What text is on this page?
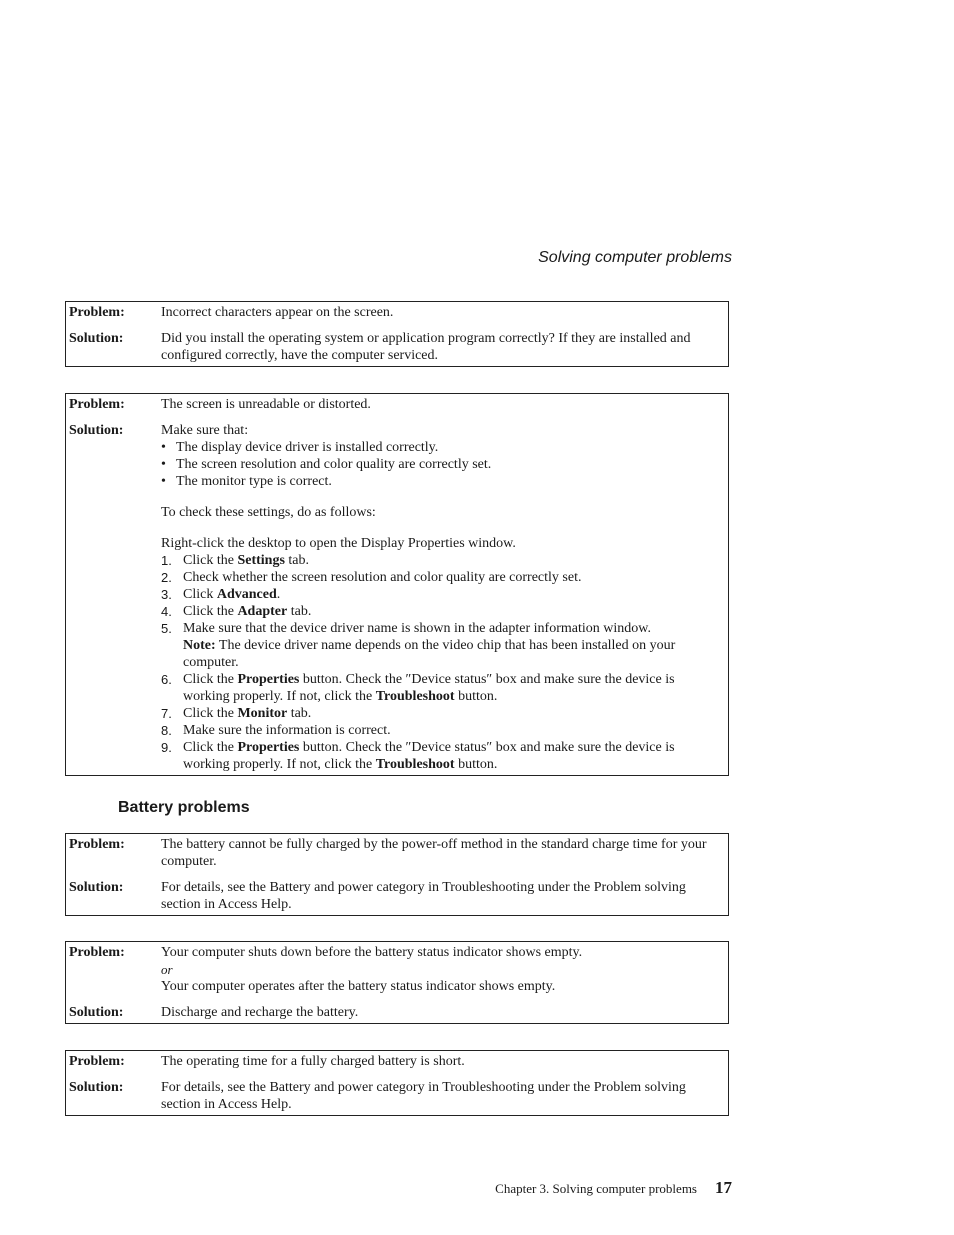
Solving computer problems
Problem:	Incorrect characters appear on the screen.
Solution:	Did you install the operating system or application program correctly? If they are installed and configured correctly, have the computer serviced.
Problem:	The screen is unreadable or distorted.
Solution:	Make sure that:
• The display device driver is installed correctly.
• The screen resolution and color quality are correctly set.
• The monitor type is correct.
To check these settings, do as follows:
Right-click the desktop to open the Display Properties window.
1. Click the Settings tab.
2. Check whether the screen resolution and color quality are correctly set.
3. Click Advanced.
4. Click the Adapter tab.
5. Make sure that the device driver name is shown in the adapter information window.
Note: The device driver name depends on the video chip that has been installed on your computer.
6. Click the Properties button. Check the ″Device status″ box and make sure the device is working properly. If not, click the Troubleshoot button.
7. Click the Monitor tab.
8. Make sure the information is correct.
9. Click the Properties button. Check the ″Device status″ box and make sure the device is working properly. If not, click the Troubleshoot button.
Battery problems
Problem:	The battery cannot be fully charged by the power-off method in the standard charge time for your computer.
Solution:	For details, see the Battery and power category in Troubleshooting under the Problem solving section in Access Help.
Problem:	Your computer shuts down before the battery status indicator shows empty.
or
Your computer operates after the battery status indicator shows empty.
Solution:	Discharge and recharge the battery.
Problem:	The operating time for a fully charged battery is short.
Solution:	For details, see the Battery and power category in Troubleshooting under the Problem solving section in Access Help.
Chapter 3. Solving computer problems 17
